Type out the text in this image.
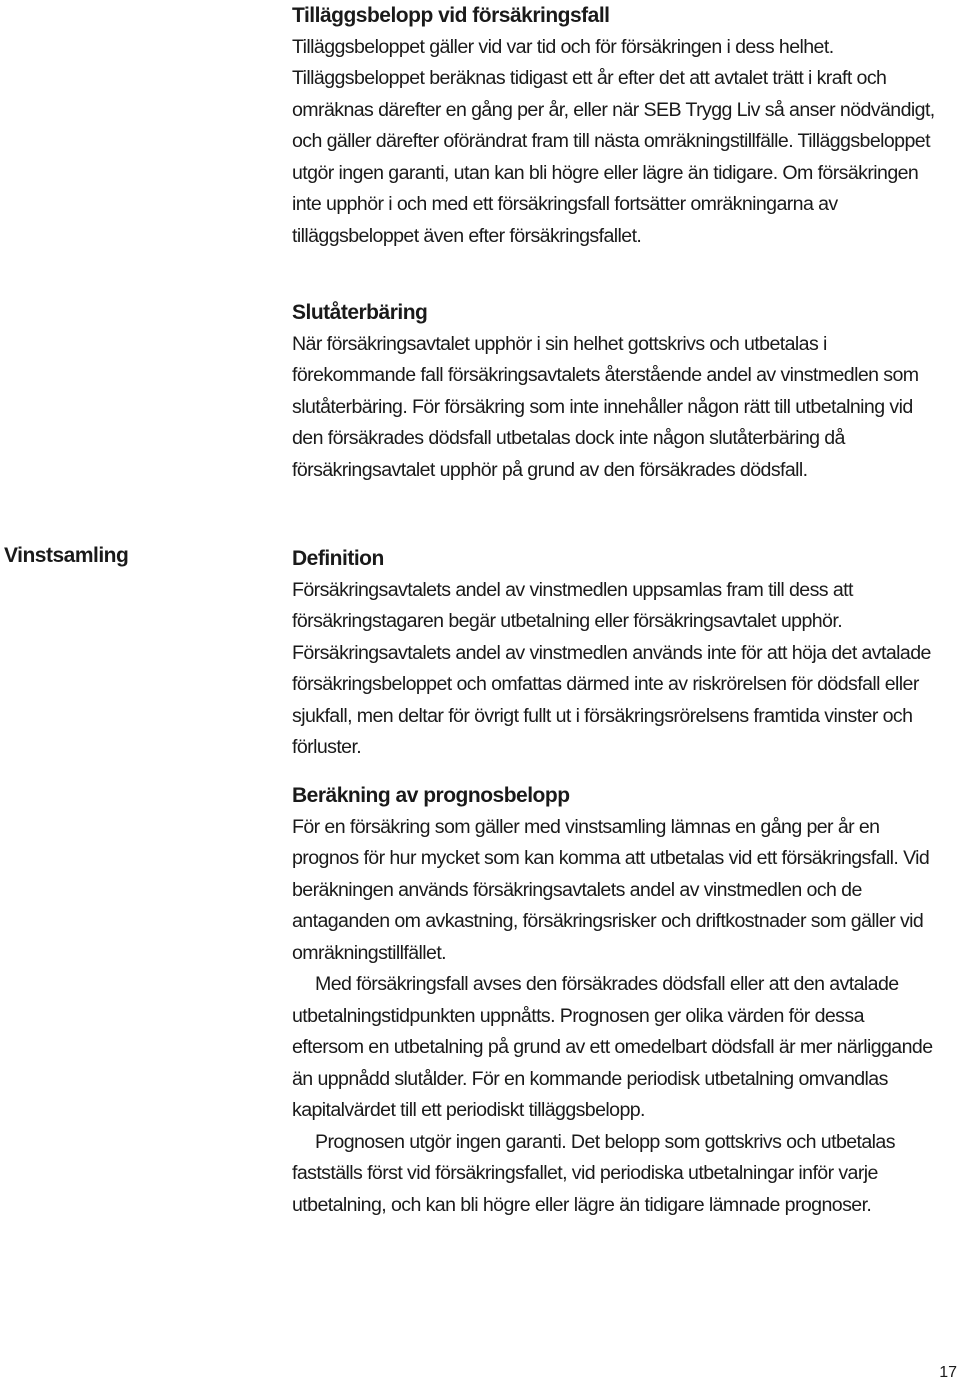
Tilläggsbelopp vid försäkringsfall

Tilläggsbeloppet gäller vid var tid och för försäkringen i dess helhet. Tilläggsbeloppet beräknas tidigast ett år efter det att avtalet trätt i kraft och omräknas därefter en gång per år, eller när SEB Trygg Liv så anser nödvändigt, och gäller därefter oförändrat fram till nästa omräkningstillfälle. Tilläggsbeloppet utgör ingen garanti, utan kan bli högre eller lägre än tidigare. Om försäkringen inte upphör i och med ett försäkringsfall fortsätter omräkningarna av tilläggsbeloppet även efter försäkringsfallet.

Slutåterbäring

När försäkringsavtalet upphör i sin helhet gottskrivs och utbetalas i förekommande fall försäkringsavtalets återstående andel av vinstmedlen som slutåterbäring. För försäkring som inte innehåller någon rätt till utbetalning vid den försäkrades dödsfall utbetalas dock inte någon slutåterbäring då försäkringsavtalet upphör på grund av den försäkrades dödsfall.

Vinstsamling	Definition

Försäkringsavtalets andel av vinstmedlen uppsamlas fram till dess att försäkringstagaren begär utbetalning eller försäkringsavtalet upphör. Försäkringsavtalets andel av vinstmedlen används inte för att höja det avtalade försäkringsbeloppet och omfattas därmed inte av riskrörelsen för dödsfall eller sjukfall, men deltar för övrigt fullt ut i försäkringsrörelsens framtida vinster och förluster.

Beräkning av prognosbelopp

För en försäkring som gäller med vinstsamling lämnas en gång per år en prognos för hur mycket som kan komma att utbetalas vid ett försäkringsfall. Vid beräkningen används försäkringsavtalets andel av vinstmedlen och de antaganden om avkastning, försäkringsrisker och driftkostnader som gäller vid omräkningstillfället.

Med försäkringsfall avses den försäkrades dödsfall eller att den avtalade utbetalningstidpunkten uppnåtts. Prognosen ger olika värden för dessa eftersom en utbetalning på grund av ett omedelbart dödsfall är mer närliggande än uppnådd slutålder. För en kommande periodisk utbetalning omvandlas kapitalvärdet till ett periodiskt tilläggsbelopp.

Prognosen utgör ingen garanti. Det belopp som gottskrivs och utbetalas fastställs först vid försäkringsfallet, vid periodiska utbetalningar inför varje utbetalning, och kan bli högre eller lägre än tidigare lämnade prognoser.

17
